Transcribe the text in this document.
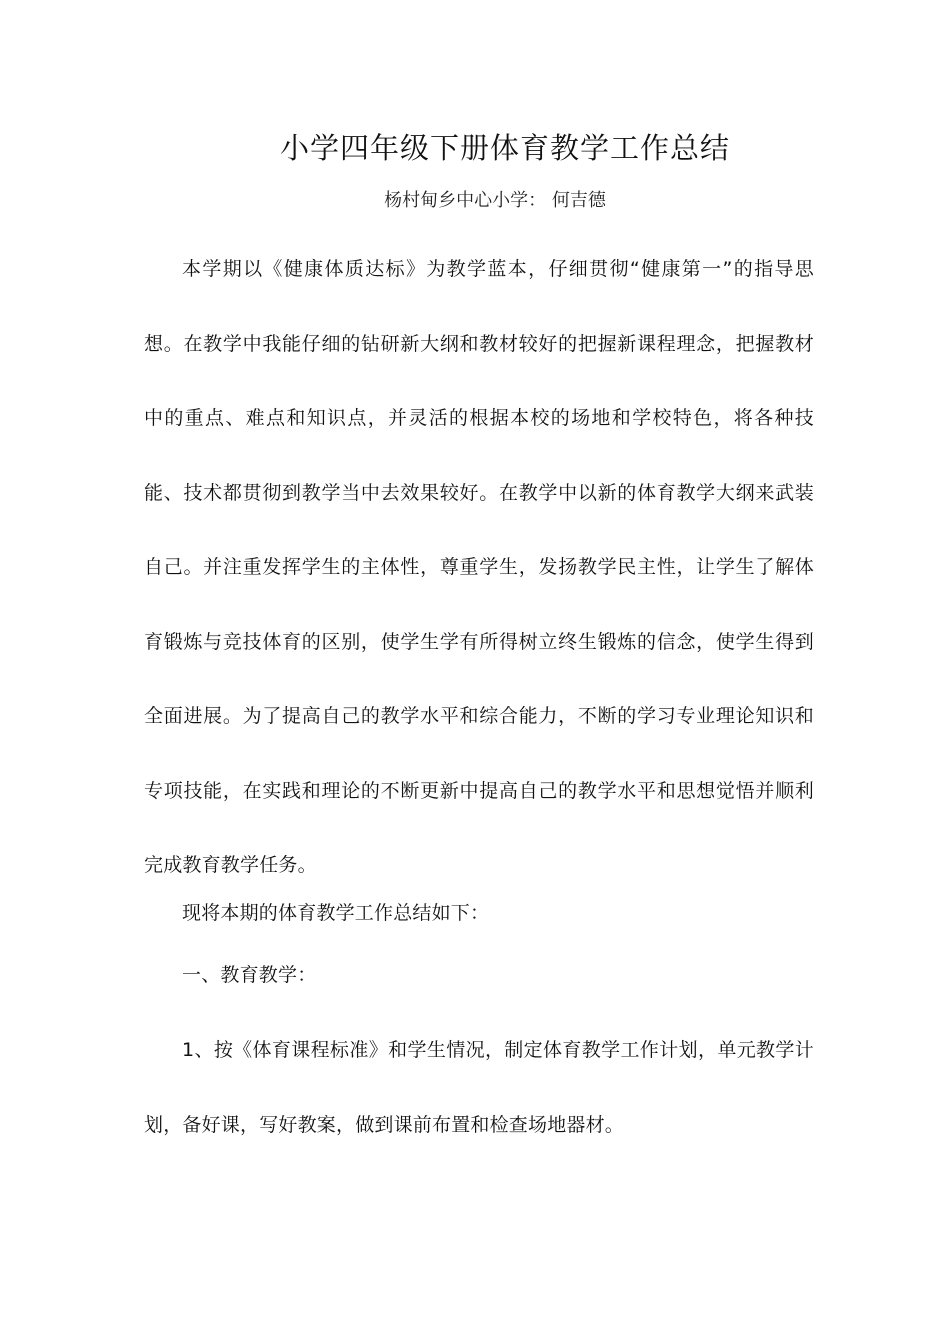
小学四年级下册体育教学工作总结
杨村甸乡中心小学： 何吉德

本学期以《健康体质达标》为教学蓝本，仔细贯彻“健康第一”的指导思想。在教学中我能仔细的钻研新大纲和教材较好的把握新课程理念，把握教材中的重点、难点和知识点，并灵活的根据本校的场地和学校特色，将各种技能、技术都贯彻到教学当中去效果较好。在教学中以新的体育教学大纲来武装自己。并注重发挥学生的主体性，尊重学生，发扬教学民主性，让学生了解体育锻炼与竞技体育的区别，使学生学有所得树立终生锻炼的信念，使学生得到全面进展。为了提高自己的教学水平和综合能力，不断的学习专业理论知识和专项技能，在实践和理论的不断更新中提高自己的教学水平和思想觉悟并顺利完成教育教学任务。

现将本期的体育教学工作总结如下：

一、教育教学：

1、按《体育课程标准》和学生情况，制定体育教学工作计划，单元教学计划，备好课，写好教案，做到课前布置和检查场地器材。
